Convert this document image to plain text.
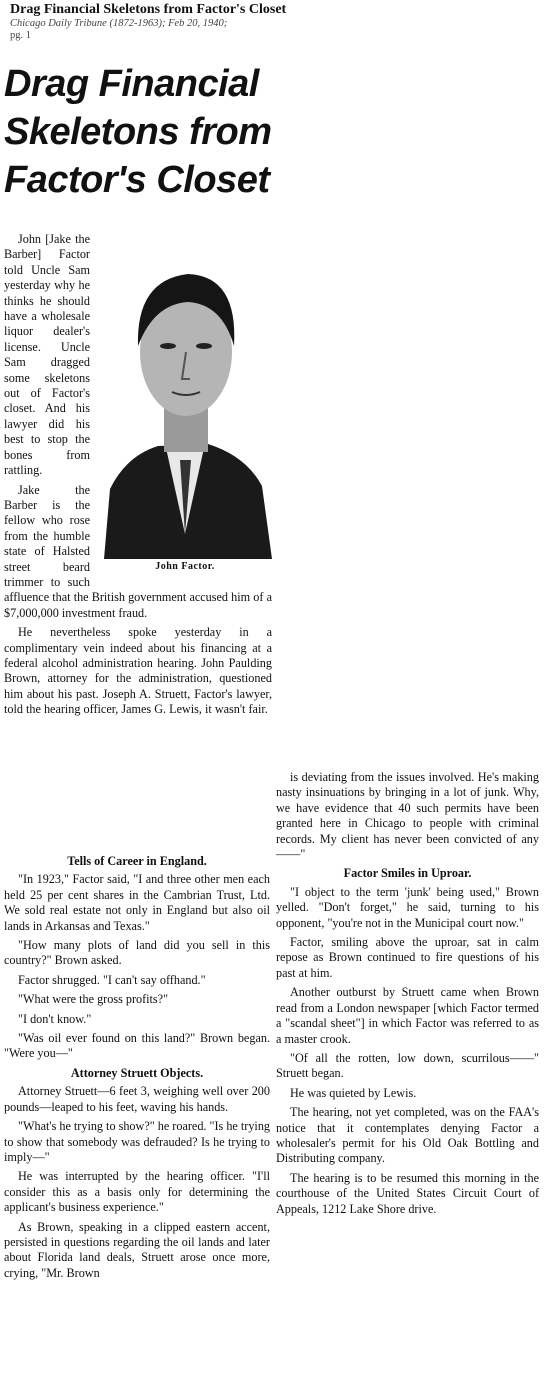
Drag Financial Skeletons from Factor's Closet
Chicago Daily Tribune (1872-1963); Feb 20, 1940;
pg. 1
Drag Financial
Skeletons from
Factor's Closet
John Factor.

John [Jake the Barber] Factor told Uncle Sam yesterday why he thinks he should have a wholesale liquor dealer's license. Uncle Sam dragged some skeletons out of Factor's closet. And his lawyer did his best to stop the bones from rattling.

Jake the Barber is the fellow who rose from the humble state of Halsted street beard trimmer to such affluence that the British government accused him of a $7,000,000 investment fraud.

He nevertheless spoke yesterday in a complimentary vein indeed about his financing at a federal alcohol administration hearing. John Paulding Brown, attorney for the administration, questioned him about his past. Joseph A. Struett, Factor's lawyer, told the hearing officer, James G. Lewis, it wasn't fair.

Tells of Career in England.

"In 1923," Factor said, "I and three other men each held 25 per cent shares in the Cambrian Trust, Ltd. We sold real estate not only in England but also oil lands in Arkansas and Texas."

"How many plots of land did you sell in this country?" Brown asked.

Factor shrugged. "I can't say offhand."

"What were the gross profits?"

"I don't know."

"Was oil ever found on this land?" Brown began. "Were you—"

Attorney Struett Objects.

Attorney Struett—6 feet 3, weighing well over 200 pounds—leaped to his feet, waving his hands.

"What's he trying to show?" he roared. "Is he trying to show that somebody was defrauded? Is he trying to imply—"

He was interrupted by the hearing officer. "I'll consider this as a basis only for determining the applicant's business experience."

As Brown, speaking in a clipped eastern accent, persisted in questions regarding the oil lands and later about Florida land deals, Struett arose once more, crying, "Mr. Brown

is deviating from the issues involved. He's making nasty insinuations by bringing in a lot of junk. Why, we have evidence that 40 such permits have been granted here in Chicago to people with criminal records. My client has never been convicted of any——"

Factor Smiles in Uproar.

"I object to the term 'junk' being used," Brown yelled. "Don't forget," he said, turning to his opponent, "you're not in the Municipal court now."

Factor, smiling above the uproar, sat in calm repose as Brown continued to fire questions of his past at him.

Another outburst by Struett came when Brown read from a London newspaper [which Factor termed a "scandal sheet"] in which Factor was referred to as a master crook.

"Of all the rotten, low down, scurrilous——" Struett began.

He was quieted by Lewis.

The hearing, not yet completed, was on the FAA's notice that it contemplates denying Factor a wholesaler's permit for his Old Oak Bottling and Distributing company.

The hearing is to be resumed this morning in the courthouse of the United States Circuit Court of Appeals, 1212 Lake Shore drive.
